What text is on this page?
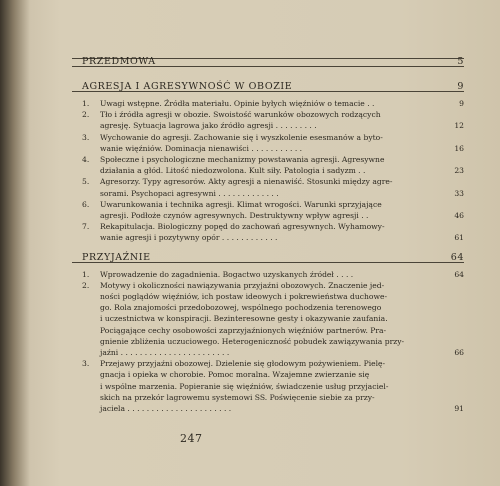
PRZEDMOWA	5
AGRESJA I AGRESYWNOŚĆ W OBOZIE	9
1. Uwagi wstępne. Źródła materiału. Opinie byłych więźniów o temacie . .	9
2. Tło i źródła agresji w obozie. Swoistość warunków obozowych rodzących
agresję. Sytuacja lagrowa jako źródło agresji . . . . . . . . .	12
3. Wychowanie do agresji. Zachowanie się i wyszkolenie esesmanów a byto-
wanie więźniów. Dominacja nienawiści . . . . . . . . . . .	16
4. Społeczne i psychologiczne mechanizmy powstawania agresji. Agresywne
działania a głód. Litość niedozwolona. Kult siły. Patologia i sadyzm . .	23
5. Agresorzy. Typy agresorów. Akty agresji a nienawiść. Stosunki między agre-
sorami. Psychopaci agresywni . . . . . . . . . . . . .	33
6. Uwarunkowania i technika agresji. Klimat wrogości. Warunki sprzyjające
agresji. Podłoże czynów agresywnych. Destruktywny wpływ agresji . .	46
7. Rekapitulacja. Biologiczny popęd do zachowań agresywnych. Wyhamowy-
wanie agresji i pozytywny opór . . . . . . . . . . . .	61
PRZYJAŹNIE	64
1. Wprowadzenie do zagadnienia. Bogactwo uzyskanych źródeł . . . .	64
2. Motywy i okoliczności nawiązywania przyjaźni obozowych. Znaczenie jed-
ności poglądów więźniów, ich postaw ideowych i pokrewieństwa duchowe-
go. Rola znajomości przedobozowej, wspólnego pochodzenia terenowego
i uczestnictwa w konspiracji. Bezinteresowne gesty i okazywanie zaufania.
Pociągające cechy osobowości zaprzyjaźnionych więźniów partnerów. Pra-
gnienie zbliżenia uczuciowego. Heterogeniczność pobudek zawiązywania przy-
jaźni . . . . . . . . . . . . . . . . . . . . . . .	66
3. Przejawy przyjaźni obozowej. Dzielenie się głodowym pożywieniem. Pielę-
gnacja i opieka w chorobie. Pomoc moralna. Wzajemne zwierzanie się
i wspólne marzenia. Popieranie się więźniów, świadczenie usług przyjaciel-
skich na przekór lagrowemu systemowi SS. Poświęcenie siebie za przy-
jaciela . . . . . . . . . . . . . . . . . . . . . .	91
247
